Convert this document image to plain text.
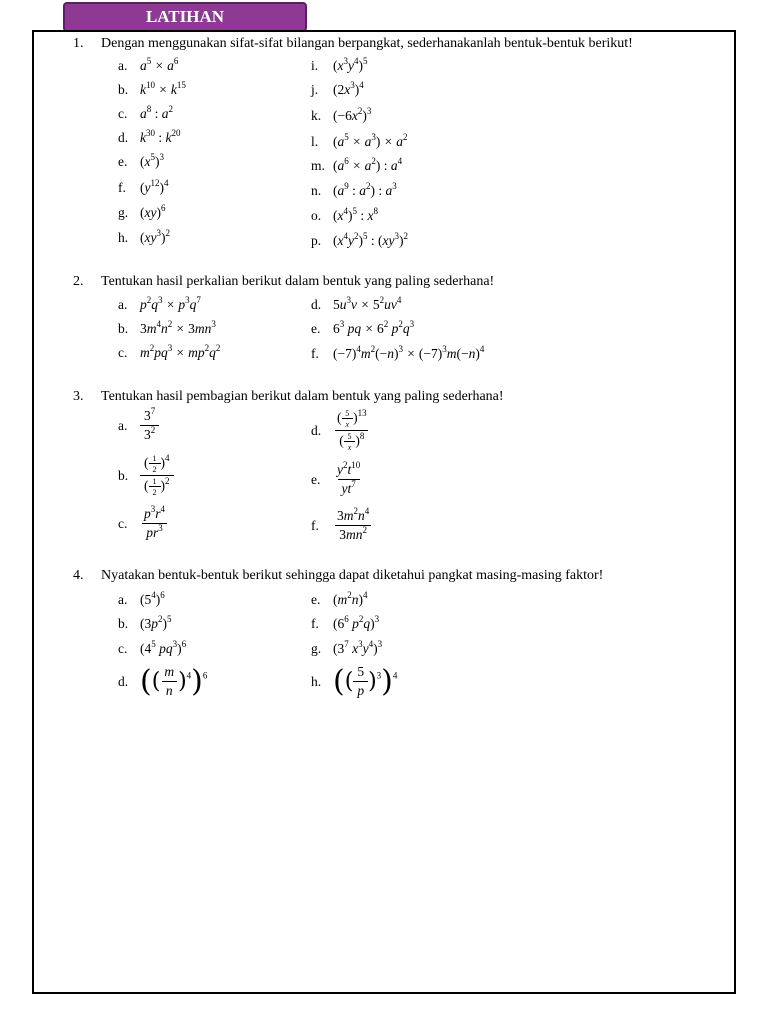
LATIHAN
1. Dengan menggunakan sifat-sifat bilangan berpangkat, sederhanakanlah bentuk-bentuk berikut!
a. $a^5 \times a^6$
b. $k^{10} \times k^{15}$
c. $a^8$ : $a^2$
d. $k^{30}$ : $k^{20}$
e. $(x^5)^3$
f. $(y^{12})^4$
g. (xy)$^6$
h. $(xy^3)^2$
i. $(x^3y^4)^5$
j. $(2x^3)^4$
k. $(-6x^2)^3$
l. $(a^5 \times a^3) \times a^2$
m. $(a^6 \times a^2)$ : $a^4$
n. ($a^9$ : $a^2$) : $a^3$
o. $(x^4)^5$ : $x^8$
p. $(x^4y^2)^5$ : $(xy^3)^2$
2. Tentukan hasil perkalian berikut dalam bentuk yang paling sederhana!
a. $p^2q^3 \times p^3q^7$
b. $3m^4n^2 \times 3mn^3$
c. $m^2pq^3 \times mp^2q^2$
d. $5u^3v \times 5^2uv^4$
e. $6^3$ pq × $6^2$ $p^2q^3$
f. $(-7)^4m^2(-n)^3 \times (-7)^3m(-n)^4$
3. Tentukan hasil pembagian berikut dalam bentuk yang paling sederhana!
a. $\frac{3^7}{3^2}$
b. $\frac{( \frac{1}{2} )^4}{( \frac{1}{2} )^2}$
c. $\frac{p^3r^4}{pr^3}$
d. $\frac{( \frac{5}{x} )^{13}}{( \frac{5}{x} )^8}$
e. $\frac{y^2t^{10}}{yt^7}$
f. $\frac{3m^2n^4}{3mn^2}$
4. Nyatakan bentuk-bentuk berikut sehingga dapat diketahui pangkat masing-masing faktor!
a. $(5^4)^6$
b. $(3p^2)^5$
c. ($4^5$ $pq^3)^6$
d. (( $\frac{m}{n} )^4)^6$
e. $(m^2n)^4$
f. ($6^6$ $p^2q)^3$
g. ($3^7$ $x^3y^4)^3$
h. (( $\frac{5}{p} )^3)^4$
